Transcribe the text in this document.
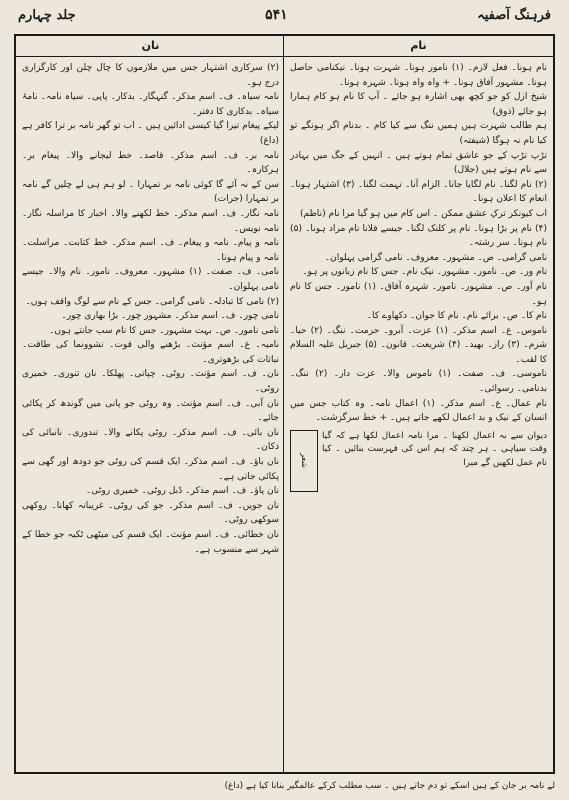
جلد چہارم	۵۴۱	فرہنگ آصفیہ
نام

نام ہونا۔ فعل لازم۔ (۱) نامور ہونا۔ شہرت ہونا۔ نیکنامی حاصل ہونا۔ مشہور آفاق ہونا۔ + واہ واہ ہونا۔ شہرہ ہونا۔

شیخ ازل کو جو کچھ بھی اشارہ ہو جائے ۔ آپ کا نام ہو کام ہمارا ہو جائے (ذوق)

ہم طالب شہرت ہیں ہمیں ننگ سے کیا کام ۔ بدنام اگر ہونگے تو کیا نام نہ ہوگا (شیفتہ)

تڑپ تڑپ کے جو عاشق تمام ہوتے ہیں ۔ انہیں کے جگ میں بہادر سے نام ہوتے ہیں (جلال)

(۲) نام لگنا۔ نام لگایا جانا۔ الزام آنا۔ تہمت لگنا۔ (۳) اشتہار ہونا۔ انعام کا اعلان ہونا۔

اب کیونکر ترکِ عشق ممکن ۔ اس کام میں ہو گیا مرا نام (ناظم)

(۴) نام پر بڑا ہونا۔ نام پر کلنک لگنا۔ جیسے فلانا نام مراد ہونا۔ (۵) نام ہونا۔ سر رشتہ۔

نامی گرامی۔ ص۔ مشہور۔ معروف۔ نامی گرامی پہلوان۔

نام ور۔ ص۔ نامور۔ مشہور۔ نیک نام۔ جس کا نام زبانوں پر ہو۔

نام آور۔ ص۔ مشہور۔ نامور۔ شہرہ آفاق۔ (۱) نامور۔ جس کا نام ہو۔

نام کا۔ ص۔ برائے نام۔ نام کا جوان۔ دکھاوے کا۔

ناموس۔ ع۔ اسم مذکر۔ (۱) عزت۔ آبرو۔ حرمت۔ ننگ۔ (۲) حیا۔ شرم۔ (۳) راز۔ بھید۔ (۴) شریعت۔ قانون۔ (۵) جبریل علیہ السلام کا لقب۔

ناموسی۔ ف۔ صفت۔ (۱) ناموس والا۔ عزت دار۔ (۲) ننگ۔ بدنامی۔ رسوائی۔

نام عمال۔ ع۔ اسم مذکر۔ (۱) اعمال نامہ۔ وہ کتاب جس میں انسان کے نیک و بد اعمال لکھے جاتے ہیں۔ + خط سرگزشت۔

دیوان سے بہ اعمال لکھنا ۔ مرا نامہ اعمال لکھا ہے کہ گیا وقت سیاہی ۔ ہر چند کہ ہم اس کی فہرست بنائیں ۔ کیا نام عمل لکھیں گے میرا
شعر
نان

(۲) سرکاری اشتہار جس میں ملازموں کا چال چلن اور کارگزاری درج ہو۔

نامہ سیاہ۔ ف۔ اسم مذکر۔ گنہگار۔ بدکار۔ پاپی۔ سیاہ نامہ۔ نامۂ سیاہ۔ بدکاری کا دفتر۔

لیکے پیغام تیرا گیا کیسی ادائیں ہیں ۔ اب تو گھر نامہ بر ترا کافر ہے (داغ)

نامہ بر۔ ف۔ اسم مذکر۔ قاصد۔ خط لیجانے والا۔ پیغام بر۔ ہرکارہ۔

سن کے نہ آئے گا کوئی نامہ بر تمہارا ۔ لو ہم ہی لے چلیں گے نامہ بر تمہارا (جرات)

نامہ نگار۔ ف۔ اسم مذکر۔ خط لکھنے والا۔ اخبار کا مراسلہ نگار۔ نامہ نویس۔

نامہ و پیام۔ نامہ و پیغام۔ ف۔ اسم مذکر۔ خط کتابت۔ مراسلت۔ نامہ و پیام ہونا۔

نامی۔ ف۔ صفت۔ (۱) مشہور۔ معروف۔ نامور۔ نام والا۔ جیسے نامی پہلوان۔

(۲) نامی کا تبادلہ۔ نامی گرامی۔ جس کے نام سے لوگ واقف ہوں۔

نامی چور۔ ف۔ اسم مذکر۔ مشہور چور۔ بڑا بھاری چور۔

نامی نامور۔ ص۔ بہت مشہور۔ جس کا نام سب جانتے ہوں۔

نامیہ۔ ع۔ اسم مؤنث۔ بڑھنے والی قوت۔ نشوونما کی طاقت۔ نباتات کی بڑھوتری۔

نان۔ ف۔ اسم مؤنث۔ روٹی۔ چپاتی۔ پھلکا۔ نان تنوری۔ خمیری روٹی۔

نان آبی۔ ف۔ اسم مؤنث۔ وہ روٹی جو پانی میں گوندھ کر پکائی جائے۔

نان بائی۔ ف۔ اسم مذکر۔ روٹی پکانے والا۔ تندوری۔ نانبائی کی دکان۔

نان باؤ۔ ف۔ اسم مذکر۔ ایک قسم کی روٹی جو دودھ اور گھی سے پکائی جاتی ہے۔

نان پاؤ۔ ف۔ اسم مذکر۔ ڈبل روٹی۔ خمیری روٹی۔

نان جویں۔ ف۔ اسم مذکر۔ جو کی روٹی۔ غریبانہ کھانا۔ روکھی سوکھی روٹی۔

نان خطائی۔ ف۔ اسم مؤنث۔ ایک قسم کی میٹھی ٹکیہ جو خطا کے شہر سے منسوب ہے۔

لے نامہ بر جان کے ہیں اسکے تو دم جاتے ہیں ۔ سب مطلب کرکے عالمگیر بنانا کیا ہے (داغ)
